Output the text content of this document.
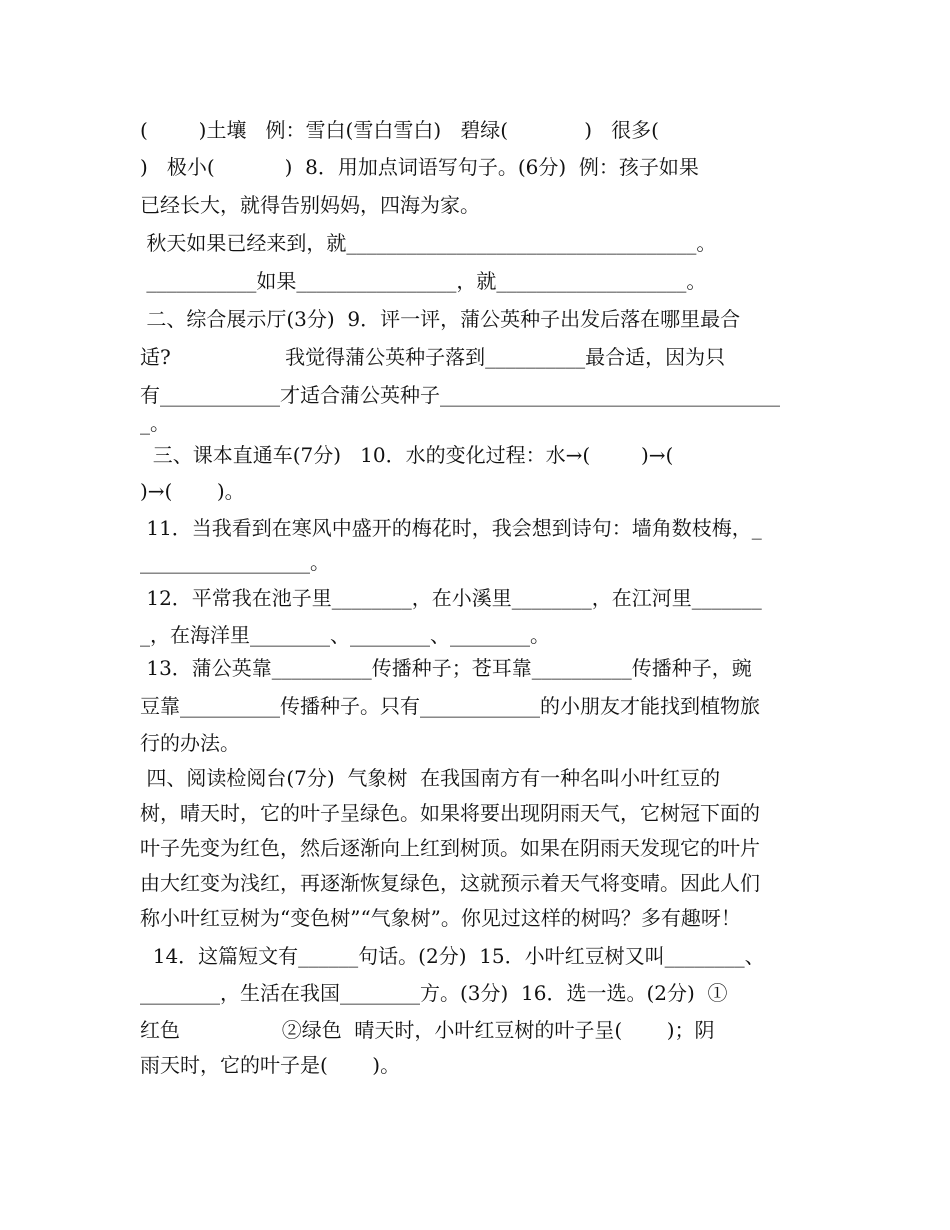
(        )土壤   例：雪白(雪白雪白)   碧绿(            )   很多(
)   极小(           )  8．用加点词语写句子。(6分)  例：孩子如果
已经长大，就得告别妈妈，四海为家。
秋天如果已经来到，就___________________________________。
___________如果________________，就___________________。
二、综合展示厅(3分)  9．评一评，蒲公英种子出发后落在哪里最合
适?                  我觉得蒲公英种子落到__________最合适，因为只
有____________才适合蒲公英种子__________________________________
_。
三、课本直通车(7分)   10．水的变化过程：水→(        )→(
)→(       )。
11．当我看到在寒风中盛开的梅花时，我会想到诗句：墙角数枝梅，_
_________________。
12．平常我在池子里________，在小溪里________，在江河里_______
_，在海洋里________、________、________。
13．蒲公英靠__________传播种子；苍耳靠__________传播种子，豌
豆靠__________传播种子。只有____________的小朋友才能找到植物旅
行的办法。
四、阅读检阅台(7分)  气象树  在我国南方有一种名叫小叶红豆的
树，晴天时，它的叶子呈绿色。如果将要出现阴雨天气，它树冠下面的
叶子先变为红色，然后逐渐向上红到树顶。如果在阴雨天发现它的叶片
由大红变为浅红，再逐渐恢复绿色，这就预示着天气将变晴。因此人们
称小叶红豆树为“变色树”“气象树”。你见过这样的树吗？多有趣呀！
14．这篇短文有______句话。(2分)  15．小叶红豆树又叫________、
________，生活在我国________方。(3分)  16．选一选。(2分)  ①
红色                ②绿色  晴天时，小叶红豆树的叶子呈(       )；阴
雨天时，它的叶子是(       )。
